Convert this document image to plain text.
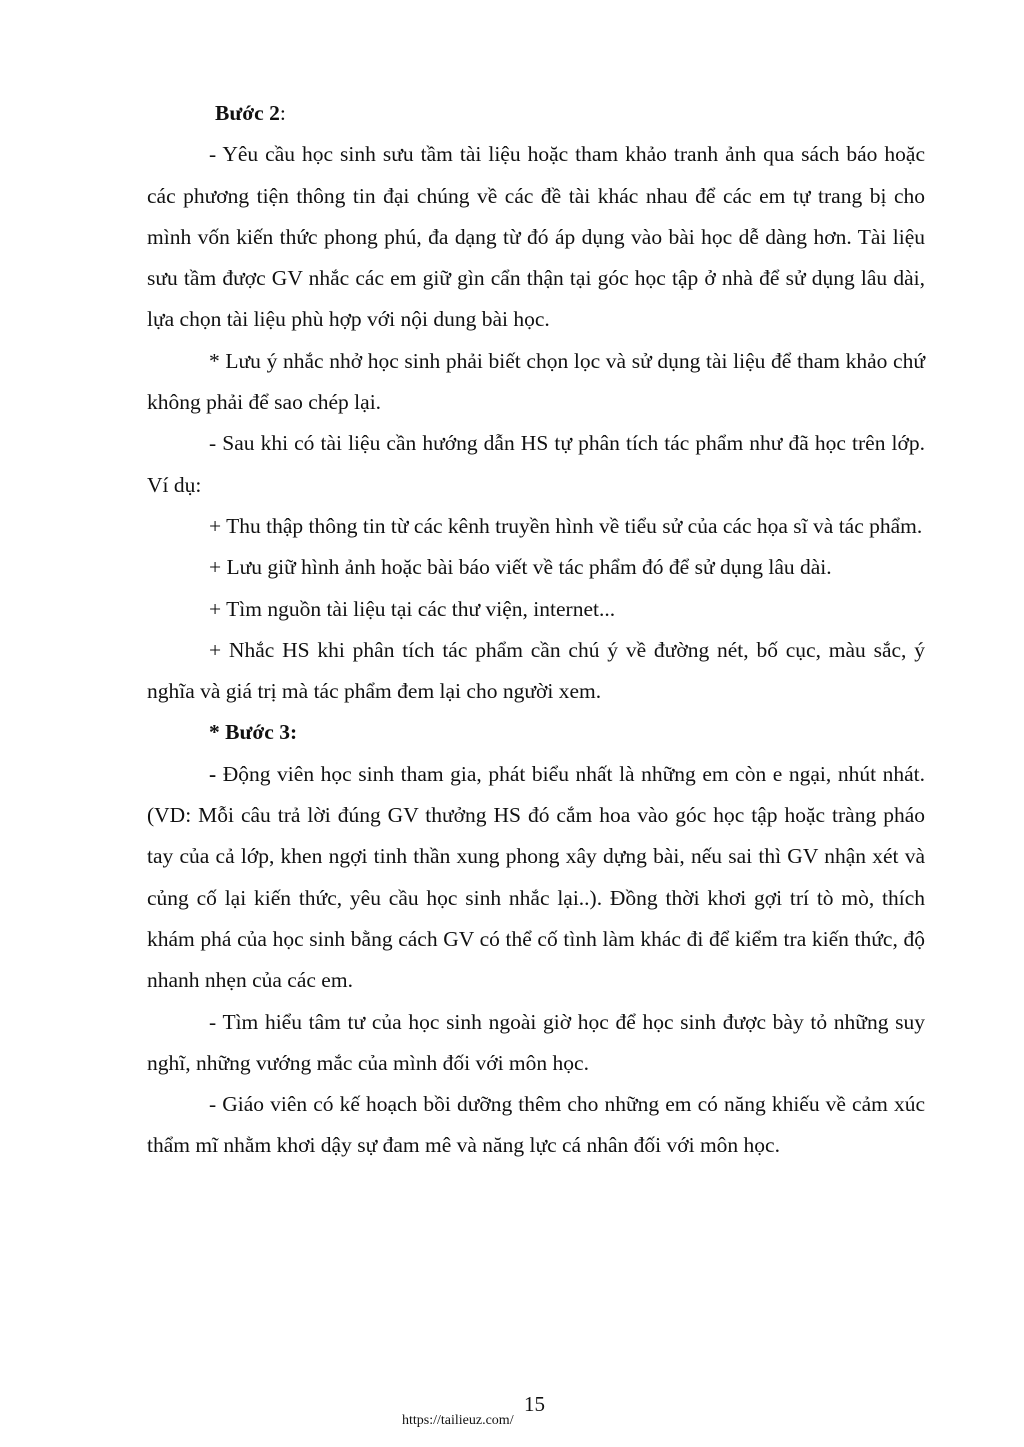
Bước 2:

- Yêu cầu học sinh sưu tầm tài liệu hoặc tham khảo tranh ảnh qua sách báo hoặc các phương tiện thông tin đại chúng về các đề tài khác nhau để các em tự trang bị cho mình vốn kiến thức phong phú, đa dạng từ đó áp dụng vào bài học dễ dàng hơn. Tài liệu sưu tầm được GV nhắc các em giữ gìn cẩn thận tại góc học tập ở nhà để sử dụng lâu dài, lựa chọn tài liệu phù hợp với nội dung bài học.

* Lưu ý nhắc nhở học sinh phải biết chọn lọc và sử dụng tài liệu để tham khảo chứ không phải để sao chép lại.

- Sau khi có tài liệu cần hướng dẫn HS tự phân tích tác phẩm như đã học trên lớp. Ví dụ:

+ Thu thập thông tin từ các kênh truyền hình về tiểu sử của các họa sĩ và tác phẩm.

+ Lưu giữ hình ảnh hoặc bài báo viết về tác phẩm đó để sử dụng lâu dài.

+ Tìm nguồn tài liệu tại các thư viện, internet...

+ Nhắc HS khi phân tích tác phẩm cần chú ý về đường nét, bố cục, màu sắc, ý nghĩa và giá trị mà tác phẩm đem lại cho người xem.

* Bước 3:

- Động viên học sinh tham gia, phát biểu nhất là những em còn e ngại, nhút nhát. (VD: Mỗi câu trả lời đúng GV thưởng HS đó cắm hoa vào góc học tập hoặc tràng pháo tay của cả lớp, khen ngợi tinh thần xung phong xây dựng bài, nếu sai thì GV nhận xét và củng cố lại kiến thức, yêu cầu học sinh nhắc lại..). Đồng thời khơi gợi trí tò mò, thích khám phá của học sinh bằng cách GV có thể cố tình làm khác đi để kiểm tra kiến thức, độ nhanh nhẹn của các em.

- Tìm hiểu tâm tư của học sinh ngoài giờ học để học sinh được bày tỏ những suy nghĩ, những vướng mắc của mình đối với môn học.

- Giáo viên có kế hoạch bồi dưỡng thêm cho những em có năng khiếu về cảm xúc thẩm mĩ nhằm khơi dậy sự đam mê và năng lực cá nhân đối với môn học.

15
https://tailieuz.com/
